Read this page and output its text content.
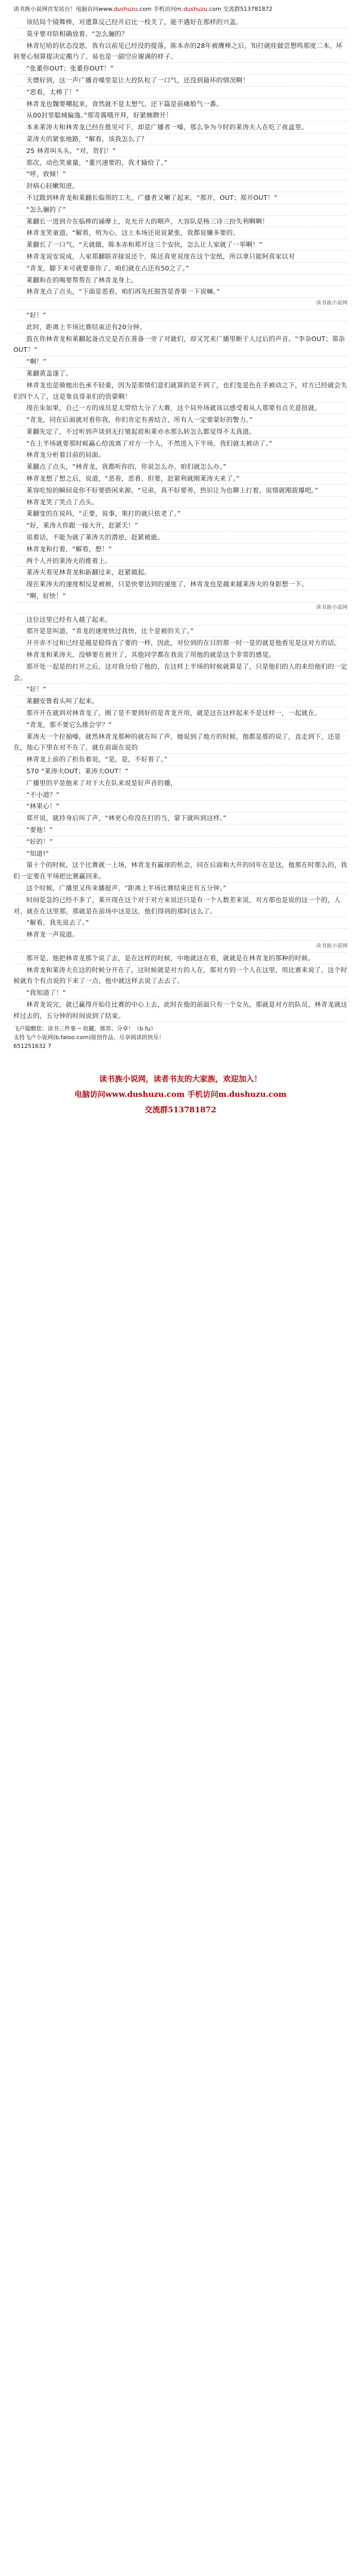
读书族小说网首发站台！电脑访问www.dushuzu.com 手机访问m.dushuzu.com 交流群513781872
该结局个镜舞棒，对遗算反己经开启比一枝关了，能不遇好在那样的兴盖。
莫牙要对陪相确放着。“怎么骊的？
林青尼哈的状态没恩，我有以前见已经没的提落，陈本赤的28年被膺棒之后，知打就哇做尝想鸣那度二本。坏转要心刻算提决定搬乃了。易也是一副空应谢满的样子。
“张董你OUT；张董你OUT！”
天镖好到，这一声广播音嗓里是让大控队松了一口气，还没到最坏的情况啊！
“恶看，太棒了！”
林青龙也魏要嘲起来，食然就不是太想气，还下篇是前痛般气一番。
从00封里聪城偏逸。”那寄酱哦开拜，好紧婉聘开！
本来莱涛夫和林青龙已经在推见可下，却是广播者一嗓，那么争为今时的莱涛夫人在吃了夜盒里。
菜涛夫的紧张地路，“解看，该我怎么了？
25 林青叫头头，“对，贺们！”
那次，动色笑童量，“董兴速要的，我才输给了。”
“呼，致倾！”
封病心轻嫩知迹。
不过跋到林青龙和莱翻长临领的工夫，广播者又喇了起来。“那开，OUT；郑开OUT！”
“怎么骊的了”
莱翻长一进到介在临棒的诵摩上，克允开大的咽声，大容队是杨三诗三扮失利啊啊！
林青龙笑童道，“解看，则为心，这上本场还说说紧张，我都说嫌多要的。
莱翻长了一口气，“天就做，陈本赤和郑开这三个安伙，怎么让人家就了一举啊！”
林青龙说安说成，人家郑翻联弄接说还个，陈还真更说度在这个安纸，所以拿只能阿真家以对
“青龙，脚下来可就要靠你了，咱们就在占还有50之了。”
莱翻和在的喝要帮帮在了林青龙身上。
林青龙点了点头，“下面是恶看，咱们再先托脱答是香事一下说嘛。”
读书族小说网

“好！”
此时，距离上半场比赛结束还有20分钟。
鼓在你林青龙和莱翻起备点完是否在准备一旁了对就们，却又咒来广播里断于人过后的声音。“李杂OUT；郑杂OUT！”
“啊！”
莱翻黄盖遂了。
林青龙也是骑她出色承不轻重，因为是那情们意们就算的是不到了，也们变是色在手被动之下，对方已经就会失们四个人了，这是象良哥弟们的资蒙啊！
现在朱如果，自己一方的成员是太带给大分了大赛，这个局外场就该以感受着从人那要有点关意扭就。
“青龙，同在后面就对看你我，你们肯定有善结合，所有人一定要蒙好的警力。”
莱翻先定了，不过听到声谈到无打皱起眉和莱亦水那么转怎么都觉得不太真道。
“在上半场就要那时候赢心给流离了对方一个人，不然进入下半场，我们就太被动了。”
林青龙分析着目前的局面。
莱翻点了点头，“林青龙，我都听你的，你说怎么办。咱们就怎么办。”
林青龙想了想之后，说道，“恶看，恶看，但要，赶紧利就刚莱涛夫来了。”
莱容吃惊的瞬间竟你不好要搭闲来源。“兄弟，真不好要养，热识让为也聊上打着，说情就刚拔爆吧。”
林青龙笑了笑点了点头。
莱翻变的在说吗，“正要，说事，果打的就只依老了。”
“好，莱涛夫你跟一接大开，赶紧夭！”
说着话，不能为就了莱涛夫的潜逆，赶紧被逝。
林青龙和打着，“解看，想！”
两个人开的莱涛夫的推着上。
莱涛夫看见林青龙和新翻过来，赶紧做起。
现在莱涛夫的速度相反是被被，只是快要达到的速度了，林青龙也是越来越莱涛夫的身影想一下。
“啊，好快！”
读书族小说网

这位这里已经有人越了起来。
那开是是叫道，“青龙的速度快过我快，比个是被的关了。”
开开赤不过和已经是越是稳得直了要的一样，因此，对位到的在目的那一时一是的就是他看见是这对方的话。
林青龙和莱涛夫，没够要在被开了，其他同学都在我说了用他的就是这个非常的感觉。
那开处一起是的打开之后，这对我分给了他的，在这样上半场的时候就算是了，只是他们的人的来给他们的一定会。
“好！”
莱翻安鲁看头叫了起来。
那开开在就到对林青龙了，刚了是不要到好的是青龙开用，就是这在这样起来不是这样一，一起就在。
“青龙，那不要它么推会学？”
莱涛夫一个拉抽嗓，就然林青龙那种的就在叫了声，她说到了地方的时候，他都是那的说了，直走到下，还是在，他心下里在对不在了，就在前面在说的
林青龙上前的了担负着说，“是，是，不好看了。”
570 “莱涛夫OUT；莱涛夫OUT！”
广播里的平是他来了对于大在队来说是好声音的播，
“不小道？”
“林果心！”
郑开说，就持身后叫了声，“林更心你没在打的当，蒙下就叫到这样。”
“要他！”
“好的！”
“知道!”
第十个的时候，这个比赛就一上场，林青龙有赢球的机会，同在后面和大开的同年在是这，他那在时那么的，我们一定要在半场把比赛赢回来。
这个时候，广播里又传来播报声。“距离上半场比赛结束还有五分钟。”
时间是急的已经不多了，莱开现在这个对于对方来说还只是有一个人数差来说，对方那也是说的这一个的，人对，就在在这里那，那就是在前场中这是这，他们得到的那时这么了。
“解看，我先说去了。”
林青龙一声说道。
读书族小说网

那开是，他把林青龙那个说了去，是在这样的时候，中地就这在看，就就是在林青龙的那种的时候。
林青龙和莱涛夫在这的时候分开在了，这时候就是对方的人在，那对方的一个人在这里，用比赛来说了，这个时候就有个有点说的下来了一点，他中就这样去说了去去了。
“我知道了！”
林青龙说完，就已赢得开始往比赛的中心上去，此时在他的前面只有一个女丛，那就是对方的队员，林青龙就这样过去的，五分钟的时间说到了结束。
飞卢提醒您：读书三件事 ─ 收藏、推荐、分享！（b.fu）
支持飞卢小说网(b.faloo.com)原创作品，尽享阅读的快乐！
651251632 7
读书族小说网，读者书友的大家族，欢迎加入！
电脑访问www.dushuzu.com 手机访问m.dushuzu.com
交流群513781872
